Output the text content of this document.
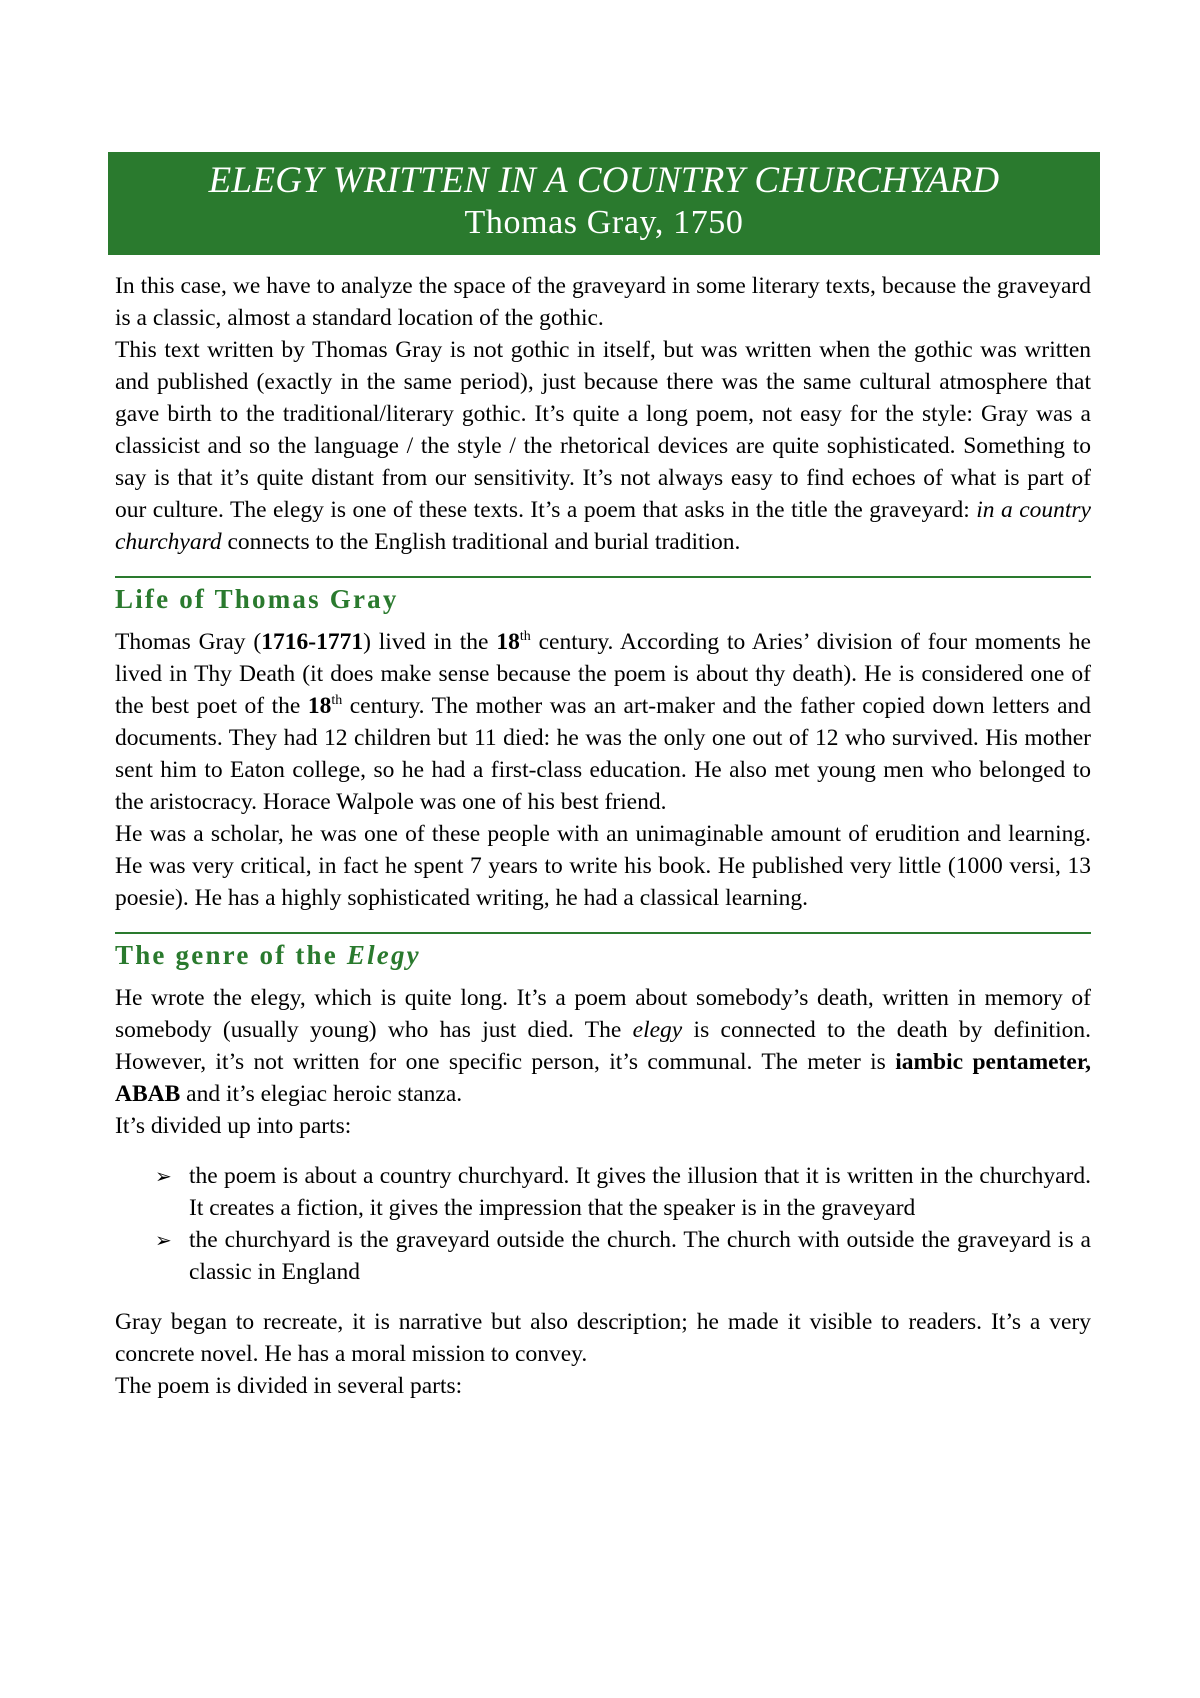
ELEGY WRITTEN IN A COUNTRY CHURCHYARD
Thomas Gray, 1750

In this case, we have to analyze the space of the graveyard in some literary texts, because the graveyard is a classic, almost a standard location of the gothic.

This text written by Thomas Gray is not gothic in itself, but was written when the gothic was written and published (exactly in the same period), just because there was the same cultural atmosphere that gave birth to the traditional/literary gothic. It’s quite a long poem, not easy for the style: Gray was a classicist and so the language / the style / the rhetorical devices are quite sophisticated. Something to say is that it’s quite distant from our sensitivity. It’s not always easy to find echoes of what is part of our culture. The elegy is one of these texts. It’s a poem that asks in the title the graveyard: in a country churchyard connects to the English traditional and burial tradition.

Life of Thomas Gray

Thomas Gray (1716-1771) lived in the 18th century. According to Aries’ division of four moments he lived in Thy Death (it does make sense because the poem is about thy death). He is considered one of the best poet of the 18th century. The mother was an art-maker and the father copied down letters and documents. They had 12 children but 11 died: he was the only one out of 12 who survived. His mother sent him to Eaton college, so he had a first-class education. He also met young men who belonged to the aristocracy. Horace Walpole was one of his best friend.

He was a scholar, he was one of these people with an unimaginable amount of erudition and learning. He was very critical, in fact he spent 7 years to write his book. He published very little (1000 versi, 13 poesie). He has a highly sophisticated writing, he had a classical learning.

The genre of the Elegy

He wrote the elegy, which is quite long. It’s a poem about somebody’s death, written in memory of somebody (usually young) who has just died. The elegy is connected to the death by definition. However, it’s not written for one specific person, it’s communal. The meter is iambic pentameter, ABAB and it’s elegiac heroic stanza.

It’s divided up into parts:

➢ the poem is about a country churchyard. It gives the illusion that it is written in the churchyard. It creates a fiction, it gives the impression that the speaker is in the graveyard
➢ the churchyard is the graveyard outside the church. The church with outside the graveyard is a classic in England

Gray began to recreate, it is narrative but also description; he made it visible to readers. It’s a very concrete novel. He has a moral mission to convey.

The poem is divided in several parts:
